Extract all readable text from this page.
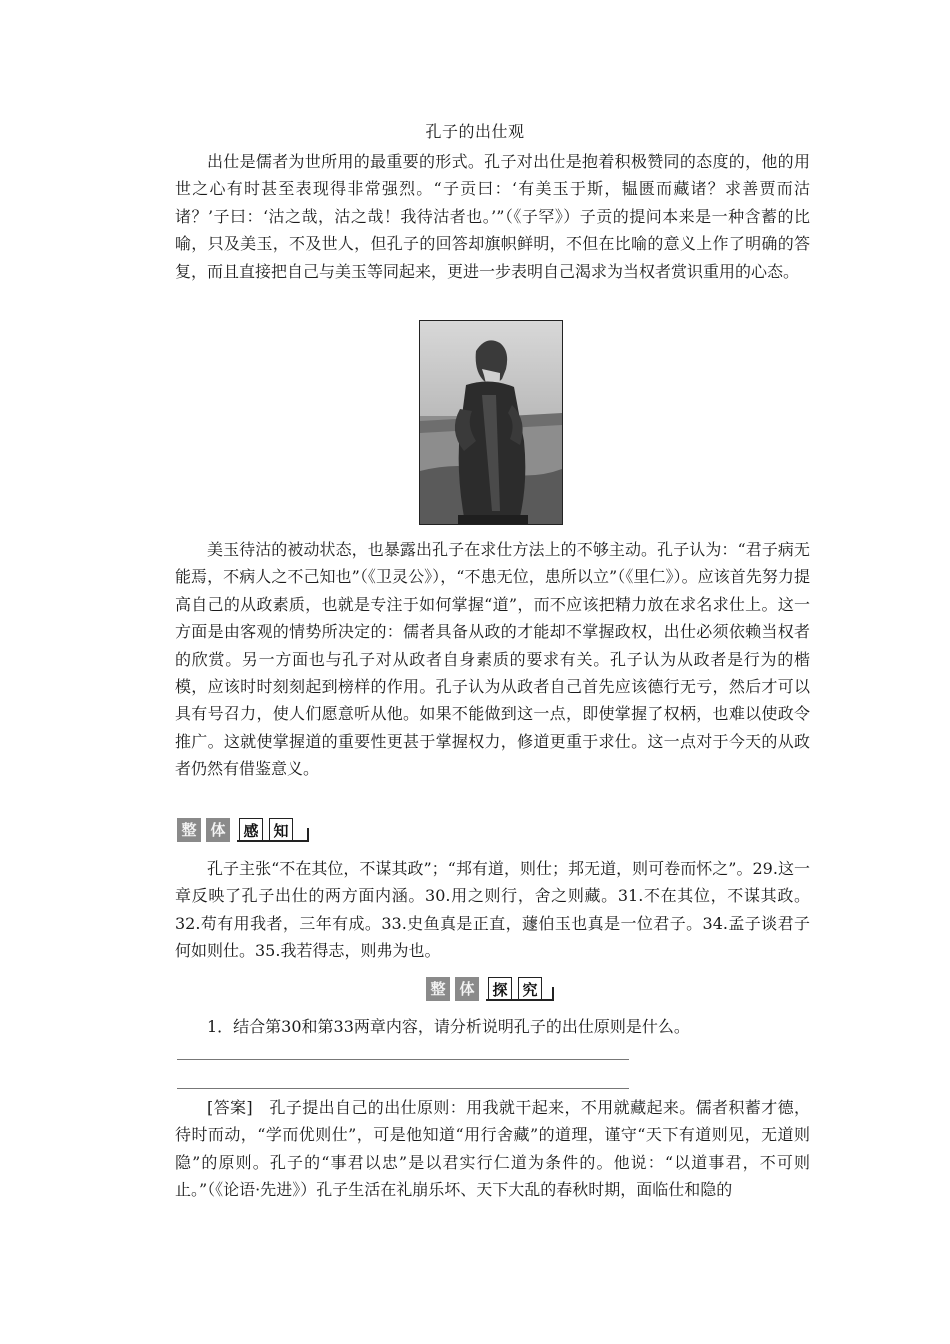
孔子的出仕观

出仕是儒者为世所用的最重要的形式。孔子对出仕是抱着积极赞同的态度的，他的用世之心有时甚至表现得非常强烈。“子贡曰：‘有美玉于斯，韫匮而藏诸？求善贾而沽诸？’子曰：‘沽之哉，沽之哉！我待沽者也。’”（《子罕》）子贡的提问本来是一种含蓄的比喻，只及美玉，不及世人，但孔子的回答却旗帜鲜明，不但在比喻的意义上作了明确的答复，而且直接把自己与美玉等同起来，更进一步表明自己渴求为当权者赏识重用的心态。

美玉待沽的被动状态，也暴露出孔子在求仕方法上的不够主动。孔子认为：“君子病无能焉，不病人之不己知也”（《卫灵公》），“不患无位，患所以立”（《里仁》）。应该首先努力提高自己的从政素质，也就是专注于如何掌握“道”，而不应该把精力放在求名求仕上。这一方面是由客观的情势所决定的：儒者具备从政的才能却不掌握政权，出仕必须依赖当权者的欣赏。另一方面也与孔子对从政者自身素质的要求有关。孔子认为从政者是行为的楷模，应该时时刻刻起到榜样的作用。孔子认为从政者自己首先应该德行无亏，然后才可以具有号召力，使人们愿意听从他。如果不能做到这一点，即使掌握了权柄，也难以使政令推广。这就使掌握道的重要性更甚于掌握权力，修道更重于求仕。这一点对于今天的从政者仍然有借鉴意义。

整 体	感 知

孔子主张“不在其位，不谋其政”；“邦有道，则仕；邦无道，则可卷而怀之”。29.这一章反映了孔子出仕的两方面内涵。30.用之则行，舍之则藏。31.不在其位，不谋其政。32.苟有用我者，三年有成。33.史鱼真是正直，蘧伯玉也真是一位君子。34.孟子谈君子何如则仕。35.我若得志，则弗为也。

整 体	探 究

1．结合第30和第33两章内容，请分析说明孔子的出仕原则是什么。

[答案]　孔子提出自己的出仕原则：用我就干起来，不用就藏起来。儒者积蓄才德，待时而动，“学而优则仕”，可是他知道“用行舍藏”的道理，谨守“天下有道则见，无道则隐”的原则。孔子的“事君以忠”是以君实行仁道为条件的。他说：“以道事君，不可则止。”（《论语·先进》）孔子生活在礼崩乐坏、天下大乱的春秋时期，面临仕和隐的
